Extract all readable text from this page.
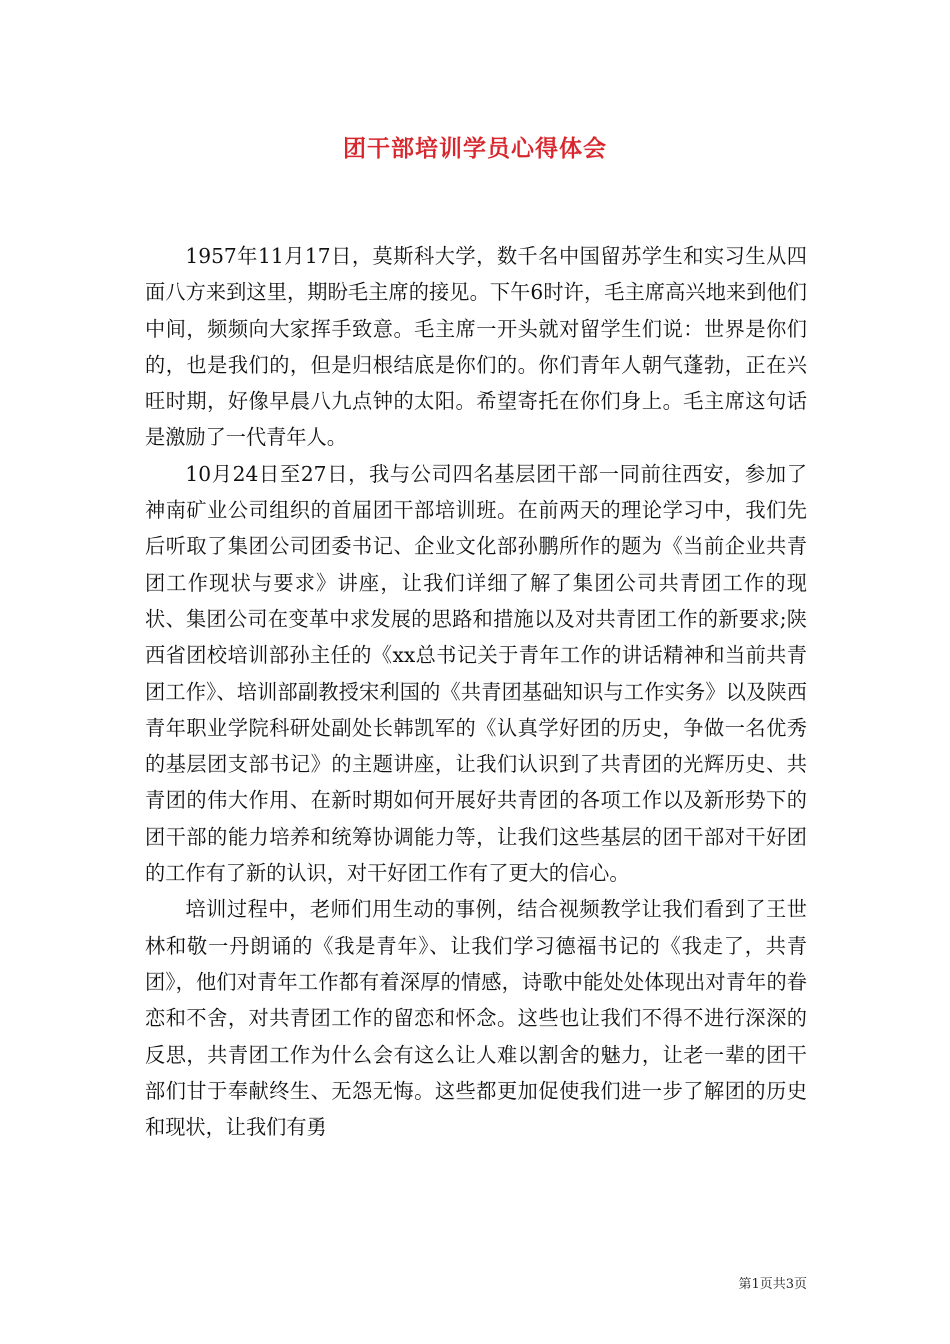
团干部培训学员心得体会

1957年11月17日，莫斯科大学，数千名中国留苏学生和实习生从四面八方来到这里，期盼毛主席的接见。下午6时许，毛主席高兴地来到他们中间，频频向大家挥手致意。毛主席一开头就对留学生们说：世界是你们的，也是我们的，但是归根结底是你们的。你们青年人朝气蓬勃，正在兴旺时期，好像早晨八九点钟的太阳。希望寄托在你们身上。毛主席这句话是激励了一代青年人。

10月24日至27日，我与公司四名基层团干部一同前往西安，参加了神南矿业公司组织的首届团干部培训班。在前两天的理论学习中，我们先后听取了集团公司团委书记、企业文化部孙鹏所作的题为《当前企业共青团工作现状与要求》讲座，让我们详细了解了集团公司共青团工作的现状、集团公司在变革中求发展的思路和措施以及对共青团工作的新要求;陕西省团校培训部孙主任的《xx总书记关于青年工作的讲话精神和当前共青团工作》、培训部副教授宋利国的《共青团基础知识与工作实务》以及陕西青年职业学院科研处副处长韩凯军的《认真学好团的历史，争做一名优秀的基层团支部书记》的主题讲座，让我们认识到了共青团的光辉历史、共青团的伟大作用、在新时期如何开展好共青团的各项工作以及新形势下的团干部的能力培养和统筹协调能力等，让我们这些基层的团干部对干好团的工作有了新的认识，对干好团工作有了更大的信心。

培训过程中，老师们用生动的事例，结合视频教学让我们看到了王世林和敬一丹朗诵的《我是青年》、让我们学习德福书记的《我走了，共青团》，他们对青年工作都有着深厚的情感，诗歌中能处处体现出对青年的眷恋和不舍，对共青团工作的留恋和怀念。这些也让我们不得不进行深深的反思，共青团工作为什么会有这么让人难以割舍的魅力，让老一辈的团干部们甘于奉献终生、无怨无悔。这些都更加促使我们进一步了解团的历史和现状，让我们有勇

第1页共3页
